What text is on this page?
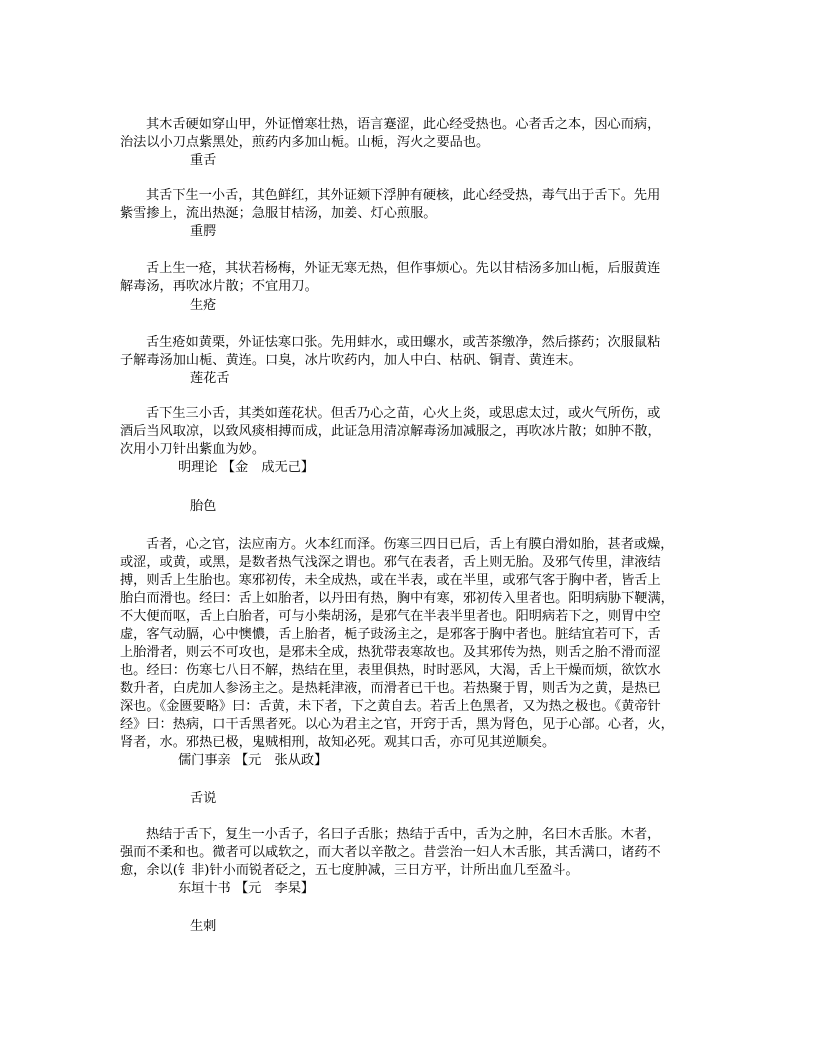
其木舌硬如穿山甲，外证憎寒壮热，语言蹇涩，此心经受热也。心者舌之本，因心而病，
治法以小刀点紫黑处，煎药内多加山栀。山栀，泻火之要品也。

重舌

其舌下生一小舌，其色鲜红，其外证颏下浮肿有硬核，此心经受热，毒气出于舌下。先用
紫雪掺上，流出热涎；急服甘桔汤，加姜、灯心煎服。

重腭

舌上生一疮，其状若杨梅，外证无寒无热，但作事烦心。先以甘桔汤多加山栀，后服黄连
解毒汤，再吹冰片散；不宜用刀。

生疮

舌生疮如黄栗，外证怯寒口张。先用蚌水，或田螺水，或苦茶缴净，然后搽药；次服鼠粘
子解毒汤加山栀、黄连。口臭，冰片吹药内，加人中白、枯矾、铜青、黄连末。

莲花舌

舌下生三小舌，其类如莲花状。但舌乃心之苗，心火上炎，或思虑太过，或火气所伤，或
酒后当风取凉，以致风痰相搏而成，此证急用清凉解毒汤加减服之，再吹冰片散；如肿不散，
次用小刀针出紫血为妙。

明理论 【金　成无己】

胎色

舌者，心之官，法应南方。火本红而泽。伤寒三四日已后，舌上有膜白滑如胎，甚者或燥，
或涩，或黄，或黑，是数者热气浅深之谓也。邪气在表者，舌上则无胎。及邪气传里，津液结
搏，则舌上生胎也。寒邪初传，未全成热，或在半表，或在半里，或邪气客于胸中者，皆舌上
胎白而滑也。经曰：舌上如胎者，以丹田有热，胸中有寒，邪初传入里者也。阳明病胁下鞕满，
不大便而呕，舌上白胎者，可与小柴胡汤，是邪气在半表半里者也。阳明病若下之，则胃中空
虚，客气动膈，心中懊憹，舌上胎者，栀子豉汤主之，是邪客于胸中者也。脏结宜若可下，舌
上胎滑者，则云不可攻也，是邪未全成，热犹带表寒故也。及其邪传为热，则舌之胎不滑而涩
也。经曰：伤寒七八日不解，热结在里，表里俱热，时时恶风，大渴，舌上干燥而烦，欲饮水
数升者，白虎加人参汤主之。是热耗津液，而滑者已干也。若热聚于胃，则舌为之黄，是热已
深也。《金匮要略》曰：舌黄，未下者，下之黄自去。若舌上色黑者，又为热之极也。《黄帝针
经》曰：热病，口干舌黑者死。以心为君主之官，开窍于舌，黑为肾色，见于心部。心者，火，
肾者，水。邪热已极，鬼贼相刑，故知必死。观其口舌，亦可见其逆顺矣。

儒门事亲 【元　张从政】

舌说

热结于舌下，复生一小舌子，名曰子舌胀；热结于舌中，舌为之肿，名曰木舌胀。木者，
强而不柔和也。微者可以咸软之，而大者以辛散之。昔尝治一妇人木舌胀，其舌满口，诸药不
愈，余以(钅非)针小而锐者砭之，五七度肿减，三日方平，计所出血几至盈斗。

东垣十书 【元　李杲】

生刺
